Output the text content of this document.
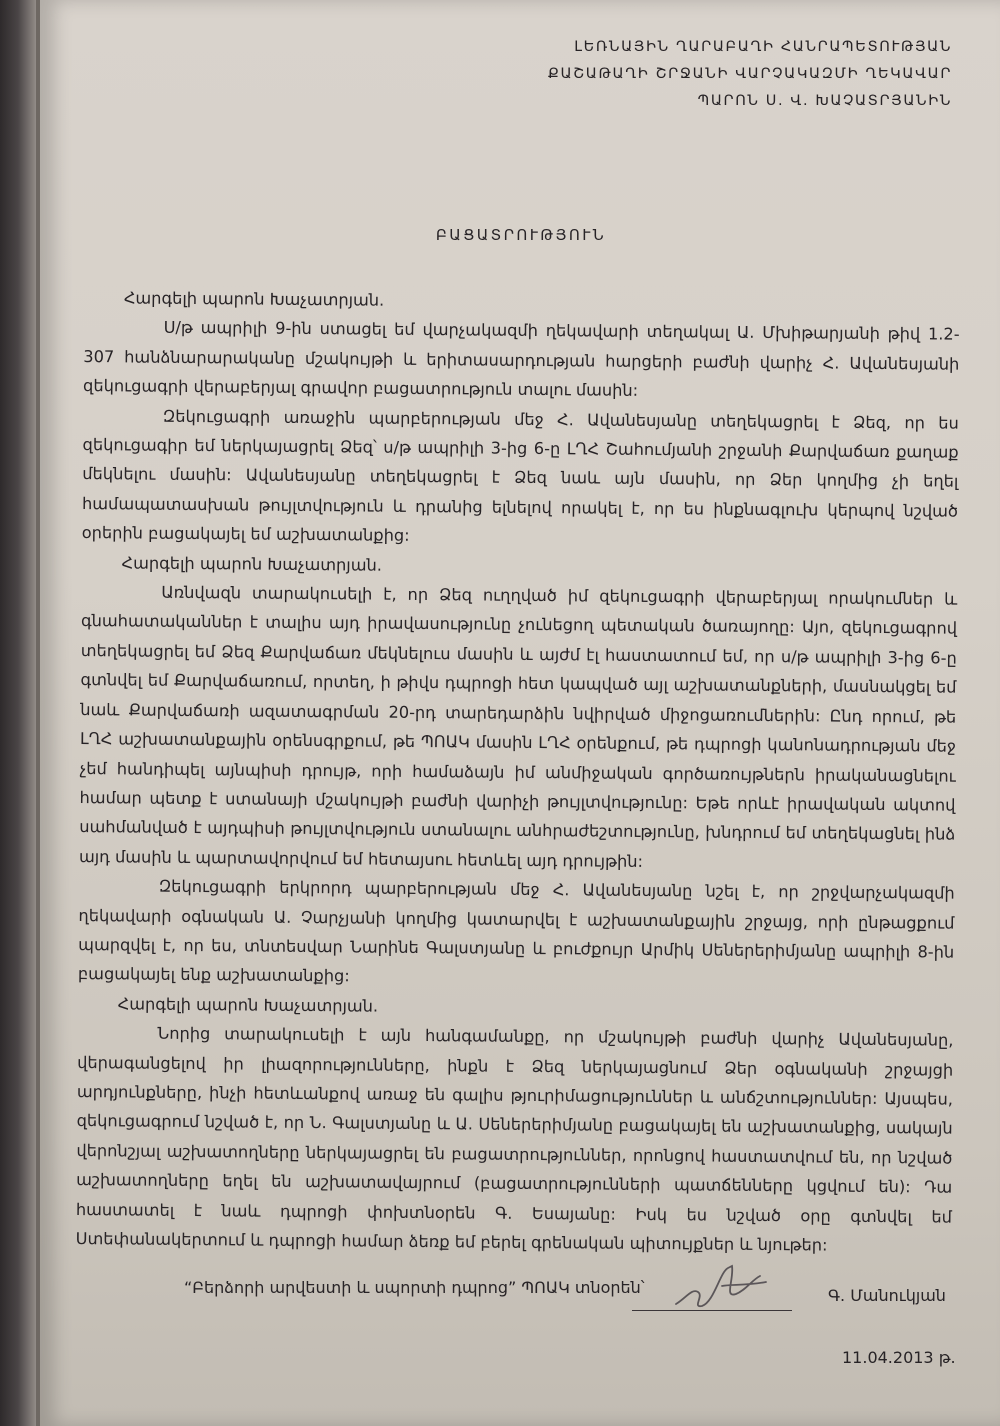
ԼԵՌՆԱՅԻՆ ՂԱՐԱԲԱՂԻ ՀԱՆՐԱՊԵՏՈՒԹՅԱՆ
ՔԱՇԱԹԱՂԻ ՇՐՋԱՆԻ ՎԱՐՉԱԿԱԶՄԻ ՂԵԿԱՎԱՐ
ՊԱՐՈՆ Ս. Վ. ԽԱՉԱՏՐՅԱՆԻՆ
ԲԱՑԱՏՐՈՒԹՅՈՒՆ

Հարգելի պարոն Խաչատրյան.

Ս/թ ապրիլի 9-ին ստացել եմ վարչակազմի ղեկավարի տեղակալ Ա. Մխիթարյանի թիվ 1.2-307 հանձնարարականը մշակույթի և երիտասարդության հարցերի բաժնի վարիչ Հ. Ավանեսյանի զեկուցագրի վերաբերյալ գրավոր բացատրություն տալու մասին:

Զեկուցագրի առաջին պարբերության մեջ Հ. Ավանեսյանը տեղեկացրել է Ձեզ, որ ես զեկուցագիր եմ ներկայացրել Ձեզ՝ ս/թ ապրիլի 3-ից 6-ը ԼՂՀ Շահումյանի շրջանի Քարվաճառ քաղաք մեկնելու մասին: Ավանեսյանը տեղեկացրել է Ձեզ նաև այն մասին, որ Ձեր կողմից չի եղել համապատասխան թույլտվություն և դրանից ելնելով որակել է, որ ես ինքնագլուխ կերպով նշված օրերին բացակայել եմ աշխատանքից:

Հարգելի պարոն Խաչատրյան.

Առնվազն տարակուսելի է, որ Ձեզ ուղղված իմ զեկուցագրի վերաբերյալ որակումներ և գնահատականներ է տալիս այդ իրավասությունը չունեցող պետական ծառայողը: Այո, զեկուցագրով տեղեկացրել եմ Ձեզ Քարվաճառ մեկնելուս մասին և այժմ էլ հաստատում եմ, որ ս/թ ապրիլի 3-ից 6-ը գտնվել եմ Քարվաճառում, որտեղ, ի թիվս դպրոցի հետ կապված այլ աշխատանքների, մասնակցել եմ նաև Քարվաճառի ազատագրման 20-րդ տարեդարձին նվիրված միջոցառումներին: Ընդ որում, թե ԼՂՀ աշխատանքային օրենսգրքում, թե ՊՈԱԿ մասին ԼՂՀ օրենքում, թե դպրոցի կանոնադրության մեջ չեմ հանդիպել այնպիսի դրույթ, որի համաձայն իմ անմիջական գործառույթներն իրականացնելու համար պետք է ստանայի մշակույթի բաժնի վարիչի թույլտվությունը: Եթե որևէ իրավական ակտով սահմանված է այդպիսի թույլտվություն ստանալու անհրաժեշտությունը, խնդրում եմ տեղեկացնել ինձ այդ մասին և պարտավորվում եմ հետայսու հետևել այդ դրույթին:

Զեկուցագրի երկրորդ պարբերության մեջ Հ. Ավանեսյանը նշել է, որ շրջվարչակազմի ղեկավարի օգնական Ա. Չարչյանի կողմից կատարվել է աշխատանքային շրջայց, որի ընթացքում պարզվել է, որ ես, տնտեսվար Նարինե Գալստյանը և բուժքույր Արմիկ Սեներերիմյանը ապրիլի 8-ին բացակայել ենք աշխատանքից:

Հարգելի պարոն Խաչատրյան.

Նորից տարակուսելի է այն հանգամանքը, որ մշակույթի բաժնի վարիչ Ավանեսյանը, վերագանցելով իր լիազորությունները, ինքն է Ձեզ ներկայացնում Ձեր օգնականի շրջայցի արդյունքները, ինչի հետևանքով առաջ են գալիս թյուրիմացություններ և անճշտություններ: Այսպես, զեկուցագրում նշված է, որ Ն. Գալստյանը և Ա. Սեներերիմյանը բացակայել են աշխատանքից, սակայն վերոնշյալ աշխատողները ներկայացրել են բացատրություններ, որոնցով հաստատվում են, որ նշված աշխատողները եղել են աշխատավայրում (բացատրությունների պատճենները կցվում են): Դա հաստատել է նաև դպրոցի փոխտնօրեն Գ. Եսայանը: Իսկ ես նշված օրը գտնվել եմ Ստեփանակերտում և դպրոցի համար ձեռք եմ բերել գրենական պիտույքներ և նյութեր:

“Բերձորի արվեստի և սպորտի դպրոց” ՊՈԱԿ տնօրեն՝	Գ. Մանուկյան
11.04.2013 թ.
